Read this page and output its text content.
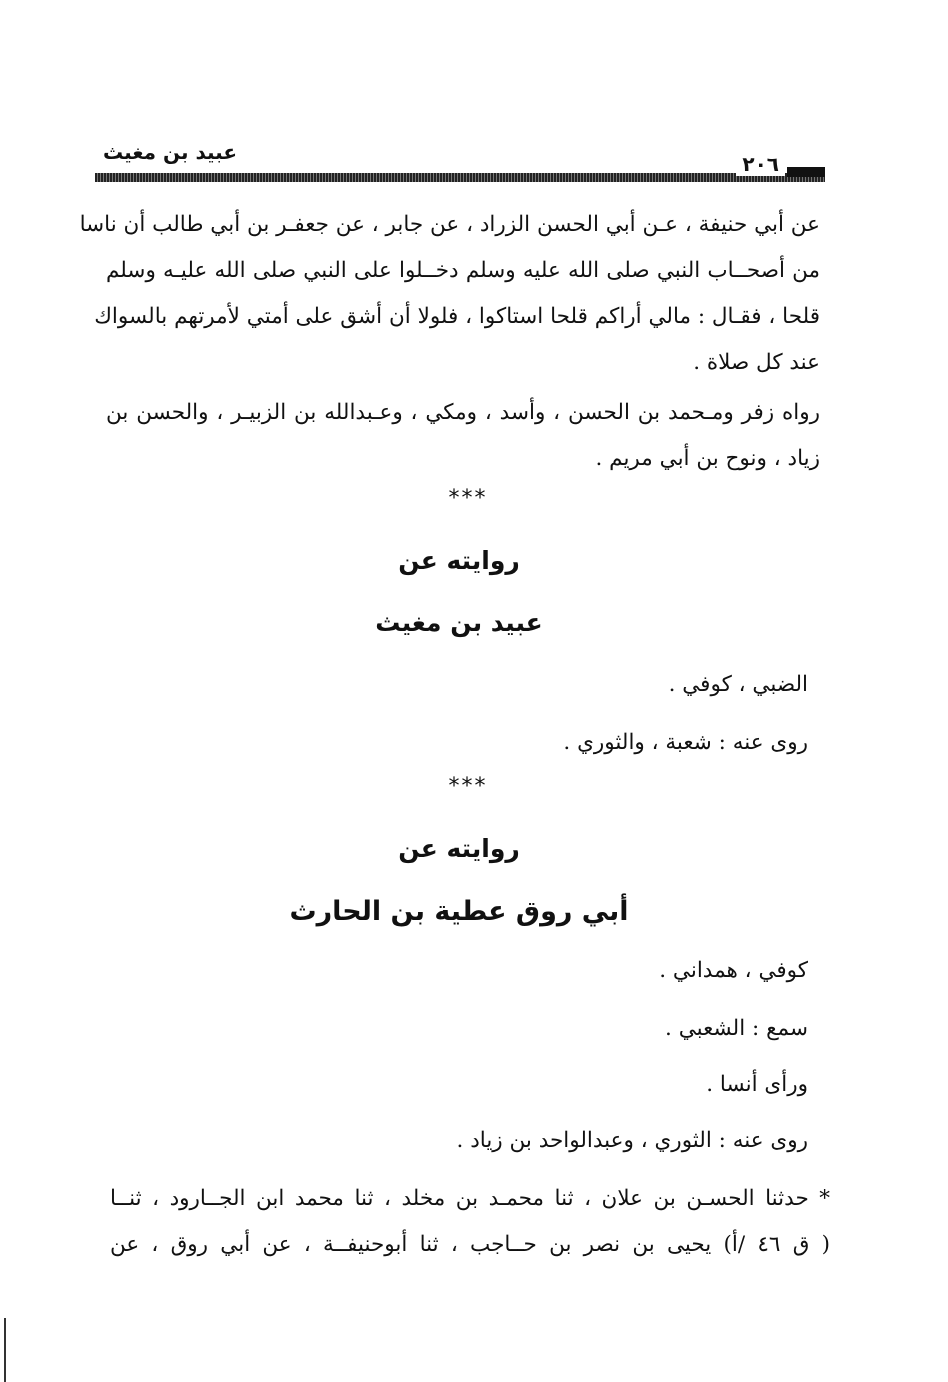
عبيد بن مغيث	٢٠٦
عن أبي حنيفة ، عـن أبي الحسن الزراد ، عن جابر ، عن جعفـر بن أبي طالب أن ناسا
من أصحــاب النبي صلى الله عليه وسلم دخــلوا على النبي صلى الله عليـه وسلم
قلحا ، فقـال : مالي أراكم قلحا استاكوا ، فلولا أن أشق على أمتي لأمرتهم بالسواك
عند كل صلاة .
رواه زفر ومـحمد بن الحسن ، وأسد ، ومكي ، وعـبدالله بن الزبيـر ، والحسن بن
زياد ، ونوح بن أبي مريم .
***
روايته عن
عبيد بن مغيث
الضبي ، كوفي .
روى عنه : شعبة ، والثوري .
***
روايته عن
أبي روق عطية بن الحارث
كوفي ، همداني .
سمع : الشعبي .
ورأى أنسا .
روى عنه : الثوري ، وعبدالواحد بن زياد .
* حدثنا الحسـن بن علان ، ثنا محمـد بن مخلد ، ثنا محمد ابن الجــارود ، ثنــا
( ق ٤٦ /أ) يحيى بن نصر بن حــاجب ، ثنا أبوحنيفــة ، عن أبي روق ، عن
